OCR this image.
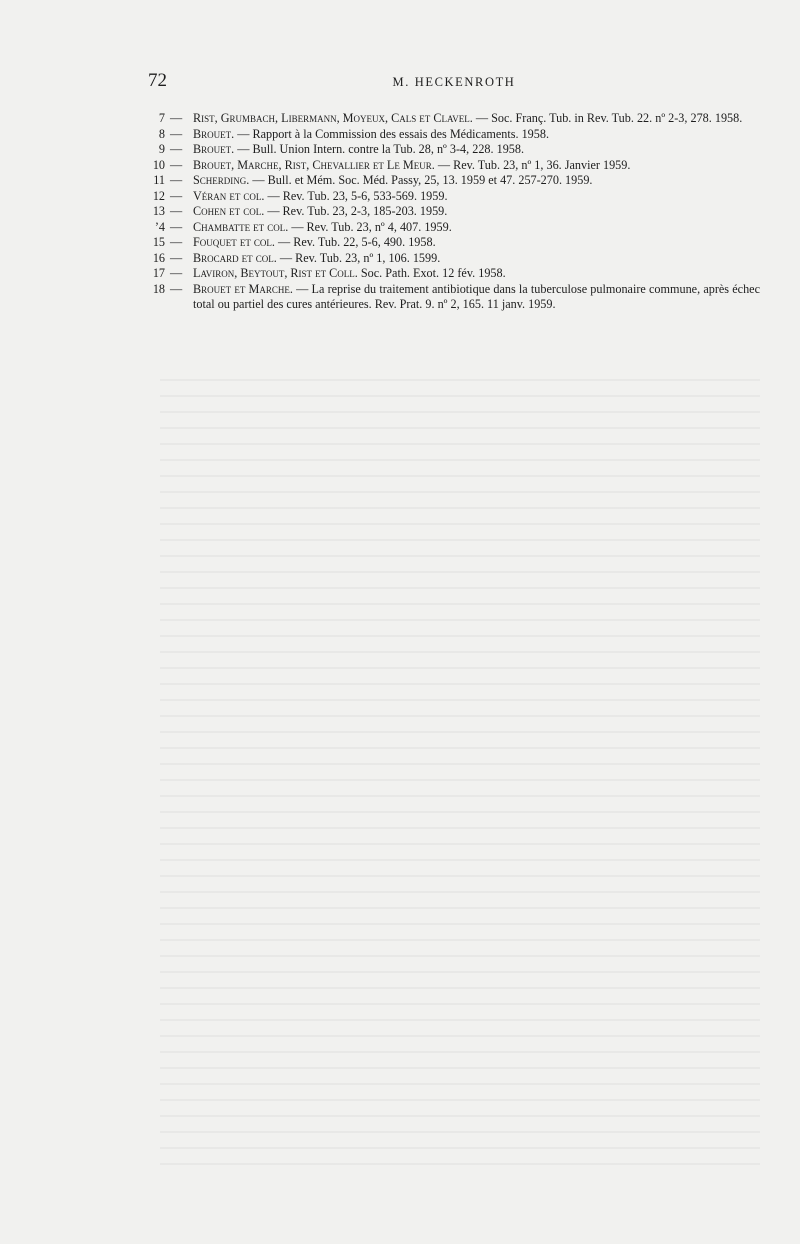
72	M. HECKENROTH
7 — Rist, Grumbach, Libermann, Moyeux, Cals et Clavel. — Soc. Franç. Tub. in Rev. Tub. 22. nº 2-3, 278. 1958.
8 — Brouet. — Rapport à la Commission des essais des Médicaments. 1958.
9 — Brouet. — Bull. Union Intern. contre la Tub. 28, nº 3-4, 228. 1958.
10 — Brouet, Marche, Rist, Chevallier et Le Meur. — Rev. Tub. 23, nº 1, 36. Janvier 1959.
11 — Scherding. — Bull. et Mém. Soc. Méd. Passy, 25, 13. 1959 et 47. 257-270. 1959.
12 — Véran et col. — Rev. Tub. 23, 5-6, 533-569. 1959.
13 — Cohen et col. — Rev. Tub. 23, 2-3, 185-203. 1959.
’4 — Chambatte et col. — Rev. Tub. 23, nº 4, 407. 1959.
15 — Fouquet et col. — Rev. Tub. 22, 5-6, 490. 1958.
16 — Brocard et col. — Rev. Tub. 23, nº 1, 106. 1599.
17 — Laviron, Beytout, Rist et Coll. Soc. Path. Exot. 12 fév. 1958.
18 — Brouet et Marche. — La reprise du traitement antibiotique dans la tuberculose pulmonaire commune, après échec total ou partiel des cures antérieures. Rev. Prat. 9. nº 2, 165. 11 janv. 1959.
